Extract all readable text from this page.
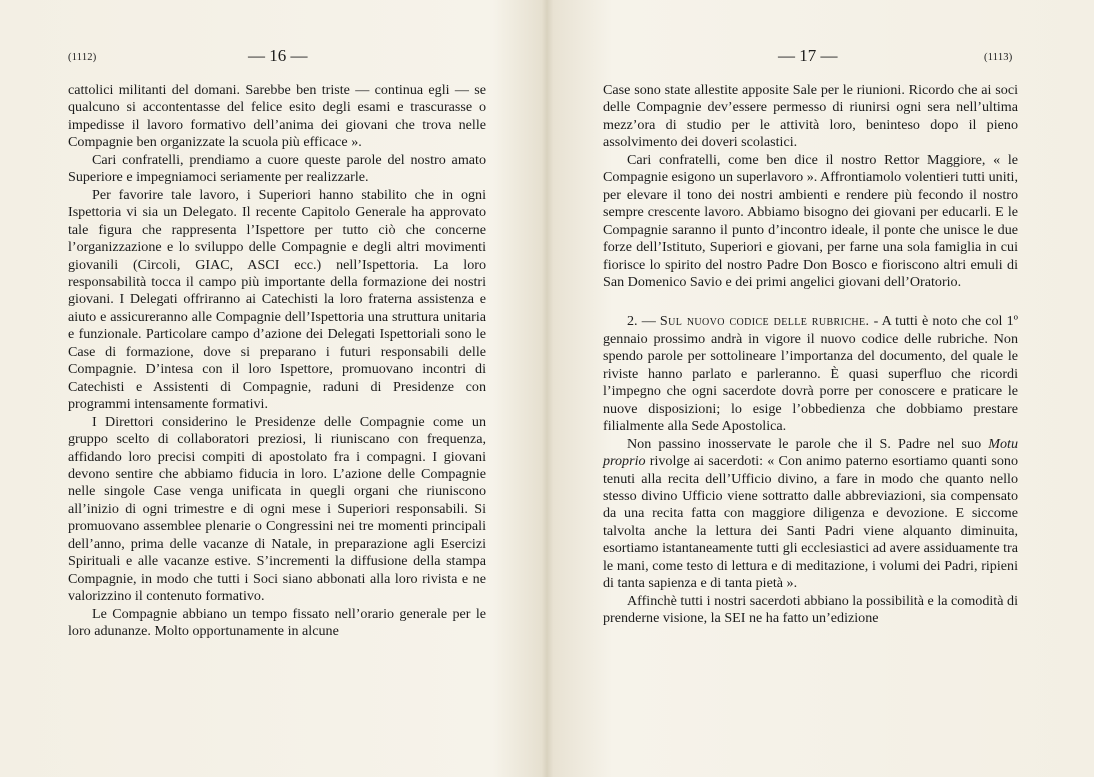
(1112)	— 16 —

cattolici militanti del domani. Sarebbe ben triste — continua egli — se qualcuno si accontentasse del felice esito degli esami e trascurasse o impedisse il lavoro formativo dell’anima dei giovani che trova nelle Compagnie ben organizzate la scuola più efficace ».

Cari confratelli, prendiamo a cuore queste parole del nostro amato Superiore e impegniamoci seriamente per realizzarle.

Per favorire tale lavoro, i Superiori hanno stabilito che in ogni Ispettoria vi sia un Delegato. Il recente Capitolo Generale ha approvato tale figura che rappresenta l’Ispettore per tutto ciò che concerne l’organizzazione e lo sviluppo delle Compagnie e degli altri movimenti giovanili (Circoli, GIAC, ASCI ecc.) nell’Ispettoria. La loro responsabilità tocca il campo più importante della formazione dei nostri giovani. I Delegati offriranno ai Catechisti la loro fraterna assistenza e aiuto e assicureranno alle Compagnie dell’Ispettoria una struttura unitaria e funzionale. Particolare campo d’azione dei Delegati Ispettoriali sono le Case di formazione, dove si preparano i futuri responsabili delle Compagnie. D’intesa con il loro Ispettore, promuovano incontri di Catechisti e Assistenti di Compagnie, raduni di Presidenze con programmi intensamente formativi.

I Direttori considerino le Presidenze delle Compagnie come un gruppo scelto di collaboratori preziosi, li riuniscano con frequenza, affidando loro precisi compiti di apostolato fra i compagni. I giovani devono sentire che abbiamo fiducia in loro. L’azione delle Compagnie nelle singole Case venga unificata in quegli organi che riuniscono all’inizio di ogni trimestre e di ogni mese i Superiori responsabili. Si promuovano assemblee plenarie o Congressini nei tre momenti principali dell’anno, prima delle vacanze di Natale, in preparazione agli Esercizi Spirituali e alle vacanze estive. S’incrementi la diffusione della stampa Compagnie, in modo che tutti i Soci siano abbonati alla loro rivista e ne valorizzino il contenuto formativo.

Le Compagnie abbiano un tempo fissato nell’orario generale per le loro adunanze. Molto opportunamente in alcune

— 17 —	(1113)

Case sono state allestite apposite Sale per le riunioni. Ricordo che ai soci delle Compagnie dev’essere permesso di riunirsi ogni sera nell’ultima mezz’ora di studio per le attività loro, beninteso dopo il pieno assolvimento dei doveri scolastici.

Cari confratelli, come ben dice il nostro Rettor Maggiore, « le Compagnie esigono un superlavoro ». Affrontiamolo volentieri tutti uniti, per elevare il tono dei nostri ambienti e rendere più fecondo il nostro sempre crescente lavoro. Abbiamo bisogno dei giovani per educarli. E le Compagnie saranno il punto d’incontro ideale, il ponte che unisce le due forze dell’Istituto, Superiori e giovani, per farne una sola famiglia in cui fiorisce lo spirito del nostro Padre Don Bosco e fioriscono altri emuli di San Domenico Savio e dei primi angelici giovani dell’Oratorio.

2. — Sul nuovo codice delle rubriche. - A tutti è noto che col 1º gennaio prossimo andrà in vigore il nuovo codice delle rubriche. Non spendo parole per sottolineare l’importanza del documento, del quale le riviste hanno parlato e parleranno. È quasi superfluo che ricordi l’impegno che ogni sacerdote dovrà porre per conoscere e praticare le nuove disposizioni; lo esige l’obbedienza che dobbiamo prestare filialmente alla Sede Apostolica.

Non passino inosservate le parole che il S. Padre nel suo Motu proprio rivolge ai sacerdoti: « Con animo paterno esortiamo quanti sono tenuti alla recita dell’Ufficio divino, a fare in modo che quanto nello stesso divino Ufficio viene sottratto dalle abbreviazioni, sia compensato da una recita fatta con maggiore diligenza e devozione. E siccome talvolta anche la lettura dei Santi Padri viene alquanto diminuita, esortiamo istantaneamente tutti gli ecclesiastici ad avere assiduamente tra le mani, come testo di lettura e di meditazione, i volumi dei Padri, ripieni di tanta sapienza e di tanta pietà ».

Affinchè tutti i nostri sacerdoti abbiano la possibilità e la comodità di prenderne visione, la SEI ne ha fatto un’edizione
